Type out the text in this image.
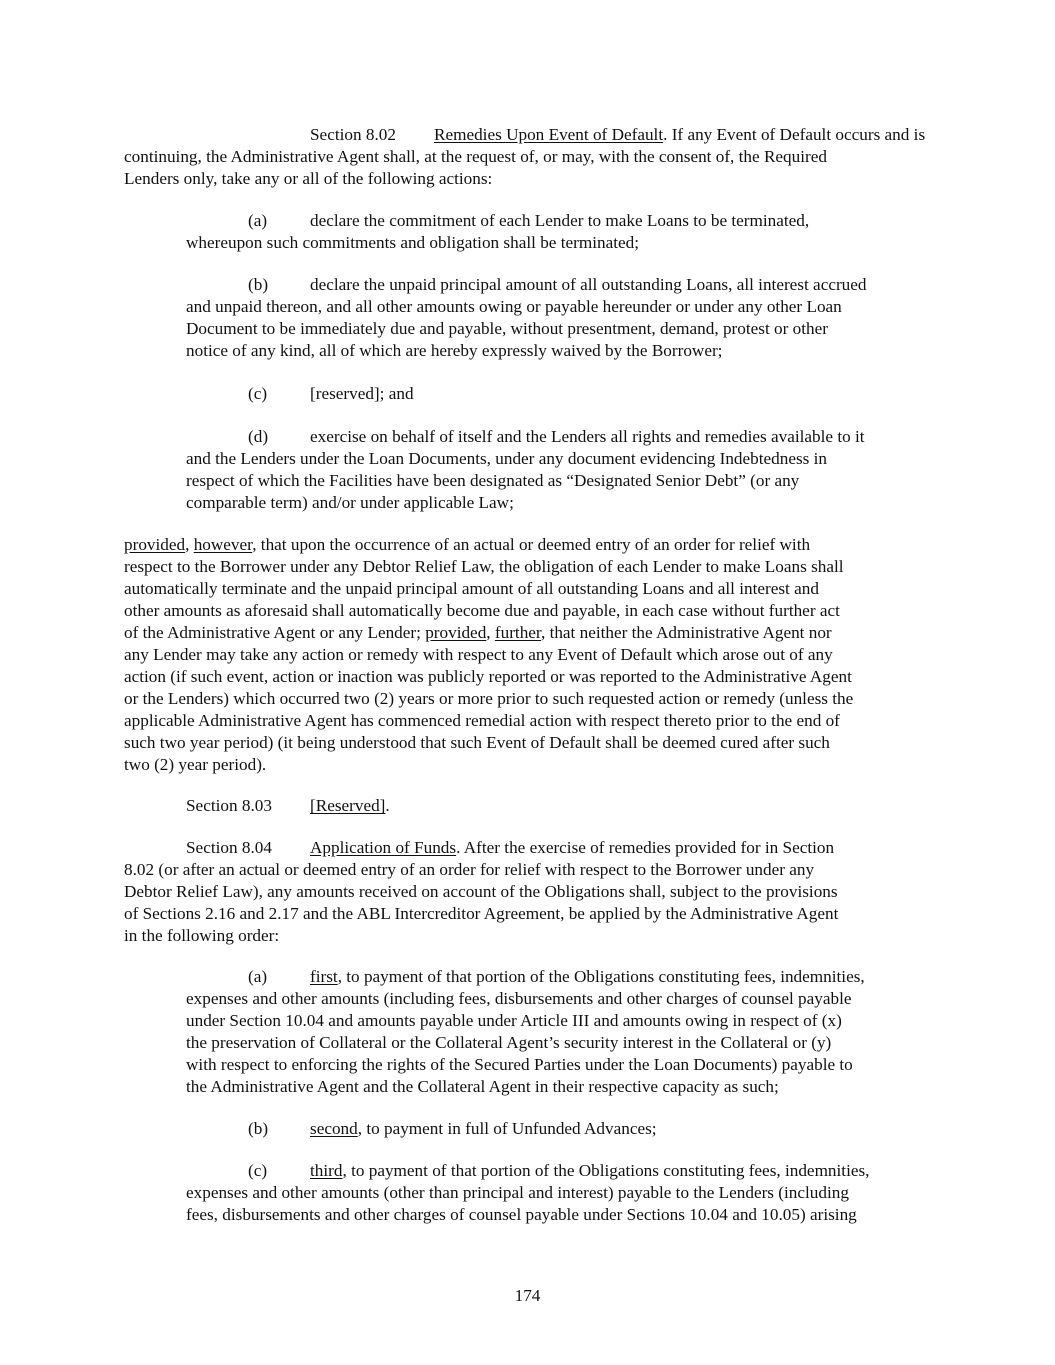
Section 8.02 Remedies Upon Event of Default. If any Event of Default occurs and is
continuing, the Administrative Agent shall, at the request of, or may, with the consent of, the Required
Lenders only, take any or all of the following actions:
(a) declare the commitment of each Lender to make Loans to be terminated,
whereupon such commitments and obligation shall be terminated;
(b) declare the unpaid principal amount of all outstanding Loans, all interest accrued
and unpaid thereon, and all other amounts owing or payable hereunder or under any other Loan
Document to be immediately due and payable, without presentment, demand, protest or other
notice of any kind, all of which are hereby expressly waived by the Borrower;
(c) [reserved]; and
(d) exercise on behalf of itself and the Lenders all rights and remedies available to it
and the Lenders under the Loan Documents, under any document evidencing Indebtedness in
respect of which the Facilities have been designated as “Designated Senior Debt” (or any
comparable term) and/or under applicable Law;
provided, however, that upon the occurrence of an actual or deemed entry of an order for relief with
respect to the Borrower under any Debtor Relief Law, the obligation of each Lender to make Loans shall
automatically terminate and the unpaid principal amount of all outstanding Loans and all interest and
other amounts as aforesaid shall automatically become due and payable, in each case without further act
of the Administrative Agent or any Lender; provided, further, that neither the Administrative Agent nor
any Lender may take any action or remedy with respect to any Event of Default which arose out of any
action (if such event, action or inaction was publicly reported or was reported to the Administrative Agent
or the Lenders) which occurred two (2) years or more prior to such requested action or remedy (unless the
applicable Administrative Agent has commenced remedial action with respect thereto prior to the end of
such two year period) (it being understood that such Event of Default shall be deemed cured after such
two (2) year period).
Section 8.03 [Reserved].
Section 8.04 Application of Funds. After the exercise of remedies provided for in Section
8.02 (or after an actual or deemed entry of an order for relief with respect to the Borrower under any
Debtor Relief Law), any amounts received on account of the Obligations shall, subject to the provisions
of Sections 2.16 and 2.17 and the ABL Intercreditor Agreement, be applied by the Administrative Agent
in the following order:
(a) first, to payment of that portion of the Obligations constituting fees, indemnities,
expenses and other amounts (including fees, disbursements and other charges of counsel payable
under Section 10.04 and amounts payable under Article III and amounts owing in respect of (x)
the preservation of Collateral or the Collateral Agent’s security interest in the Collateral or (y)
with respect to enforcing the rights of the Secured Parties under the Loan Documents) payable to
the Administrative Agent and the Collateral Agent in their respective capacity as such;
(b) second, to payment in full of Unfunded Advances;
(c) third, to payment of that portion of the Obligations constituting fees, indemnities,
expenses and other amounts (other than principal and interest) payable to the Lenders (including
fees, disbursements and other charges of counsel payable under Sections 10.04 and 10.05) arising
174
